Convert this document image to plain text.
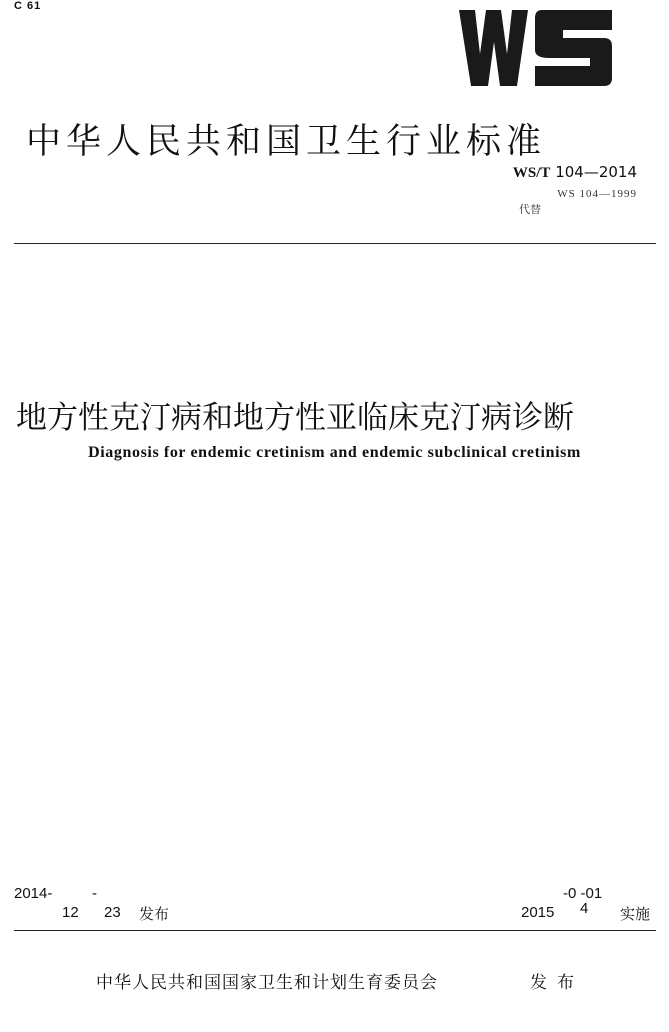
C 61
中华人民共和国卫生行业标准
WS/T 104—2014
WS 104—1999
代替
地方性克汀病和地方性亚临床克汀病诊断
Diagnosis for endemic cretinism and endemic subclinical cretinism
2014-	-
12 23 发布
-0 -01
2015 4 实施
中华人民共和国国家卫生和计划生育委员会	发布
